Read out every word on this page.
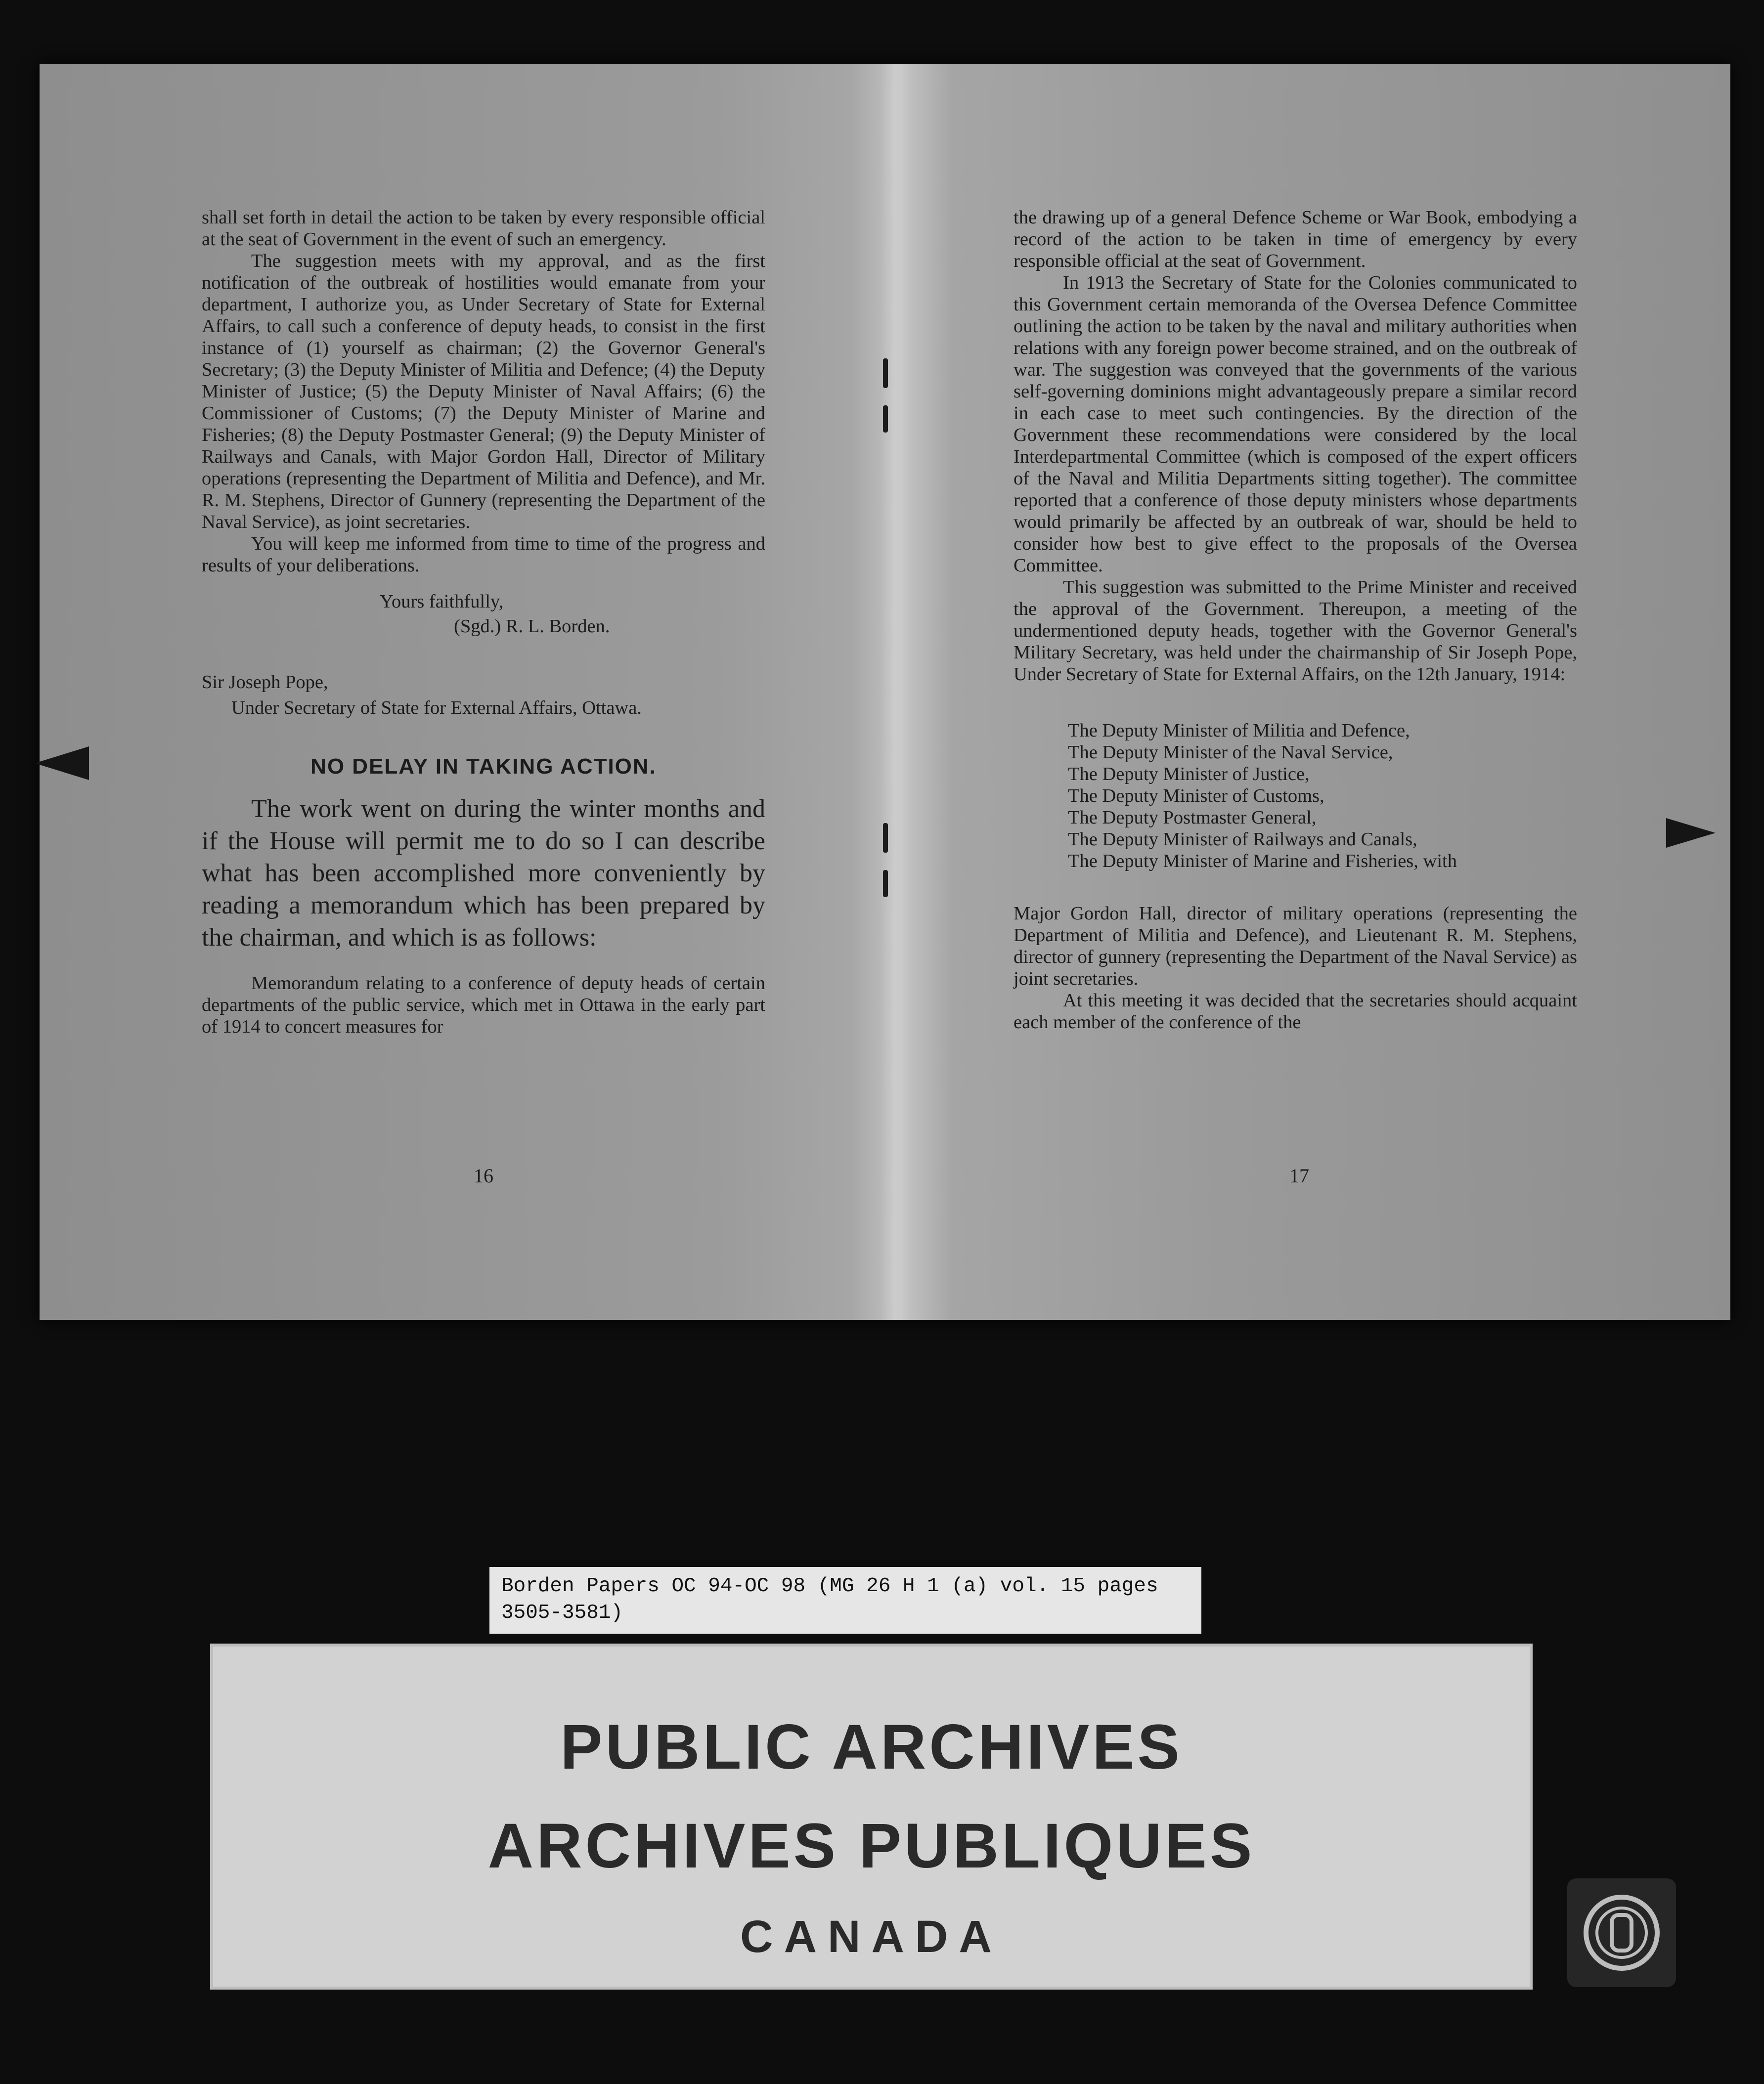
shall set forth in detail the action to be taken by every responsible official at the seat of Government in the event of such an emergency.

The suggestion meets with my approval, and as the first notification of the outbreak of hostilities would emanate from your department, I authorize you, as Under Secretary of State for External Affairs, to call such a conference of deputy heads, to consist in the first instance of (1) yourself as chairman; (2) the Governor General's Secretary; (3) the Deputy Minister of Militia and Defence; (4) the Deputy Minister of Justice; (5) the Deputy Minister of Naval Affairs; (6) the Commissioner of Customs; (7) the Deputy Minister of Marine and Fisheries; (8) the Deputy Postmaster General; (9) the Deputy Minister of Railways and Canals, with Major Gordon Hall, Director of Military operations (representing the Department of Militia and Defence), and Mr. R. M. Stephens, Director of Gunnery (representing the Department of the Naval Service), as joint secretaries.

You will keep me informed from time to time of the progress and results of your deliberations.

Yours faithfully,
(Sgd.) R. L. Borden.
Sir Joseph Pope,
Under Secretary of State for External Affairs, Ottawa.
NO DELAY IN TAKING ACTION.

The work went on during the winter months and if the House will permit me to do so I can describe what has been accomplished more conveniently by reading a memorandum which has been prepared by the chairman, and which is as follows:

Memorandum relating to a conference of deputy heads of certain departments of the public service, which met in Ottawa in the early part of 1914 to concert measures for

16

the drawing up of a general Defence Scheme or War Book, embodying a record of the action to be taken in time of emergency by every responsible official at the seat of Government.

In 1913 the Secretary of State for the Colonies communicated to this Government certain memoranda of the Oversea Defence Committee outlining the action to be taken by the naval and military authorities when relations with any foreign power become strained, and on the outbreak of war. The suggestion was conveyed that the governments of the various self-governing dominions might advantageously prepare a similar record in each case to meet such contingencies. By the direction of the Government these recommendations were considered by the local Interdepartmental Committee (which is composed of the expert officers of the Naval and Militia Departments sitting together). The committee reported that a conference of those deputy ministers whose departments would primarily be affected by an outbreak of war, should be held to consider how best to give effect to the proposals of the Oversea Committee.

This suggestion was submitted to the Prime Minister and received the approval of the Government. Thereupon, a meeting of the undermentioned deputy heads, together with the Governor General's Military Secretary, was held under the chairmanship of Sir Joseph Pope, Under Secretary of State for External Affairs, on the 12th January, 1914:

The Deputy Minister of Militia and Defence,
The Deputy Minister of the Naval Service,
The Deputy Minister of Justice,
The Deputy Minister of Customs,
The Deputy Postmaster General,
The Deputy Minister of Railways and Canals,
The Deputy Minister of Marine and Fisheries, with

Major Gordon Hall, director of military operations (representing the Department of Militia and Defence), and Lieutenant R. M. Stephens, director of gunnery (representing the Department of the Naval Service) as joint secretaries.

At this meeting it was decided that the secretaries should acquaint each member of the conference of the

17
Borden Papers OC 94-OC 98 (MG 26 H 1 (a) vol. 15 pages
3505-3581)
PUBLIC ARCHIVES
ARCHIVES PUBLIQUES
CANADA
